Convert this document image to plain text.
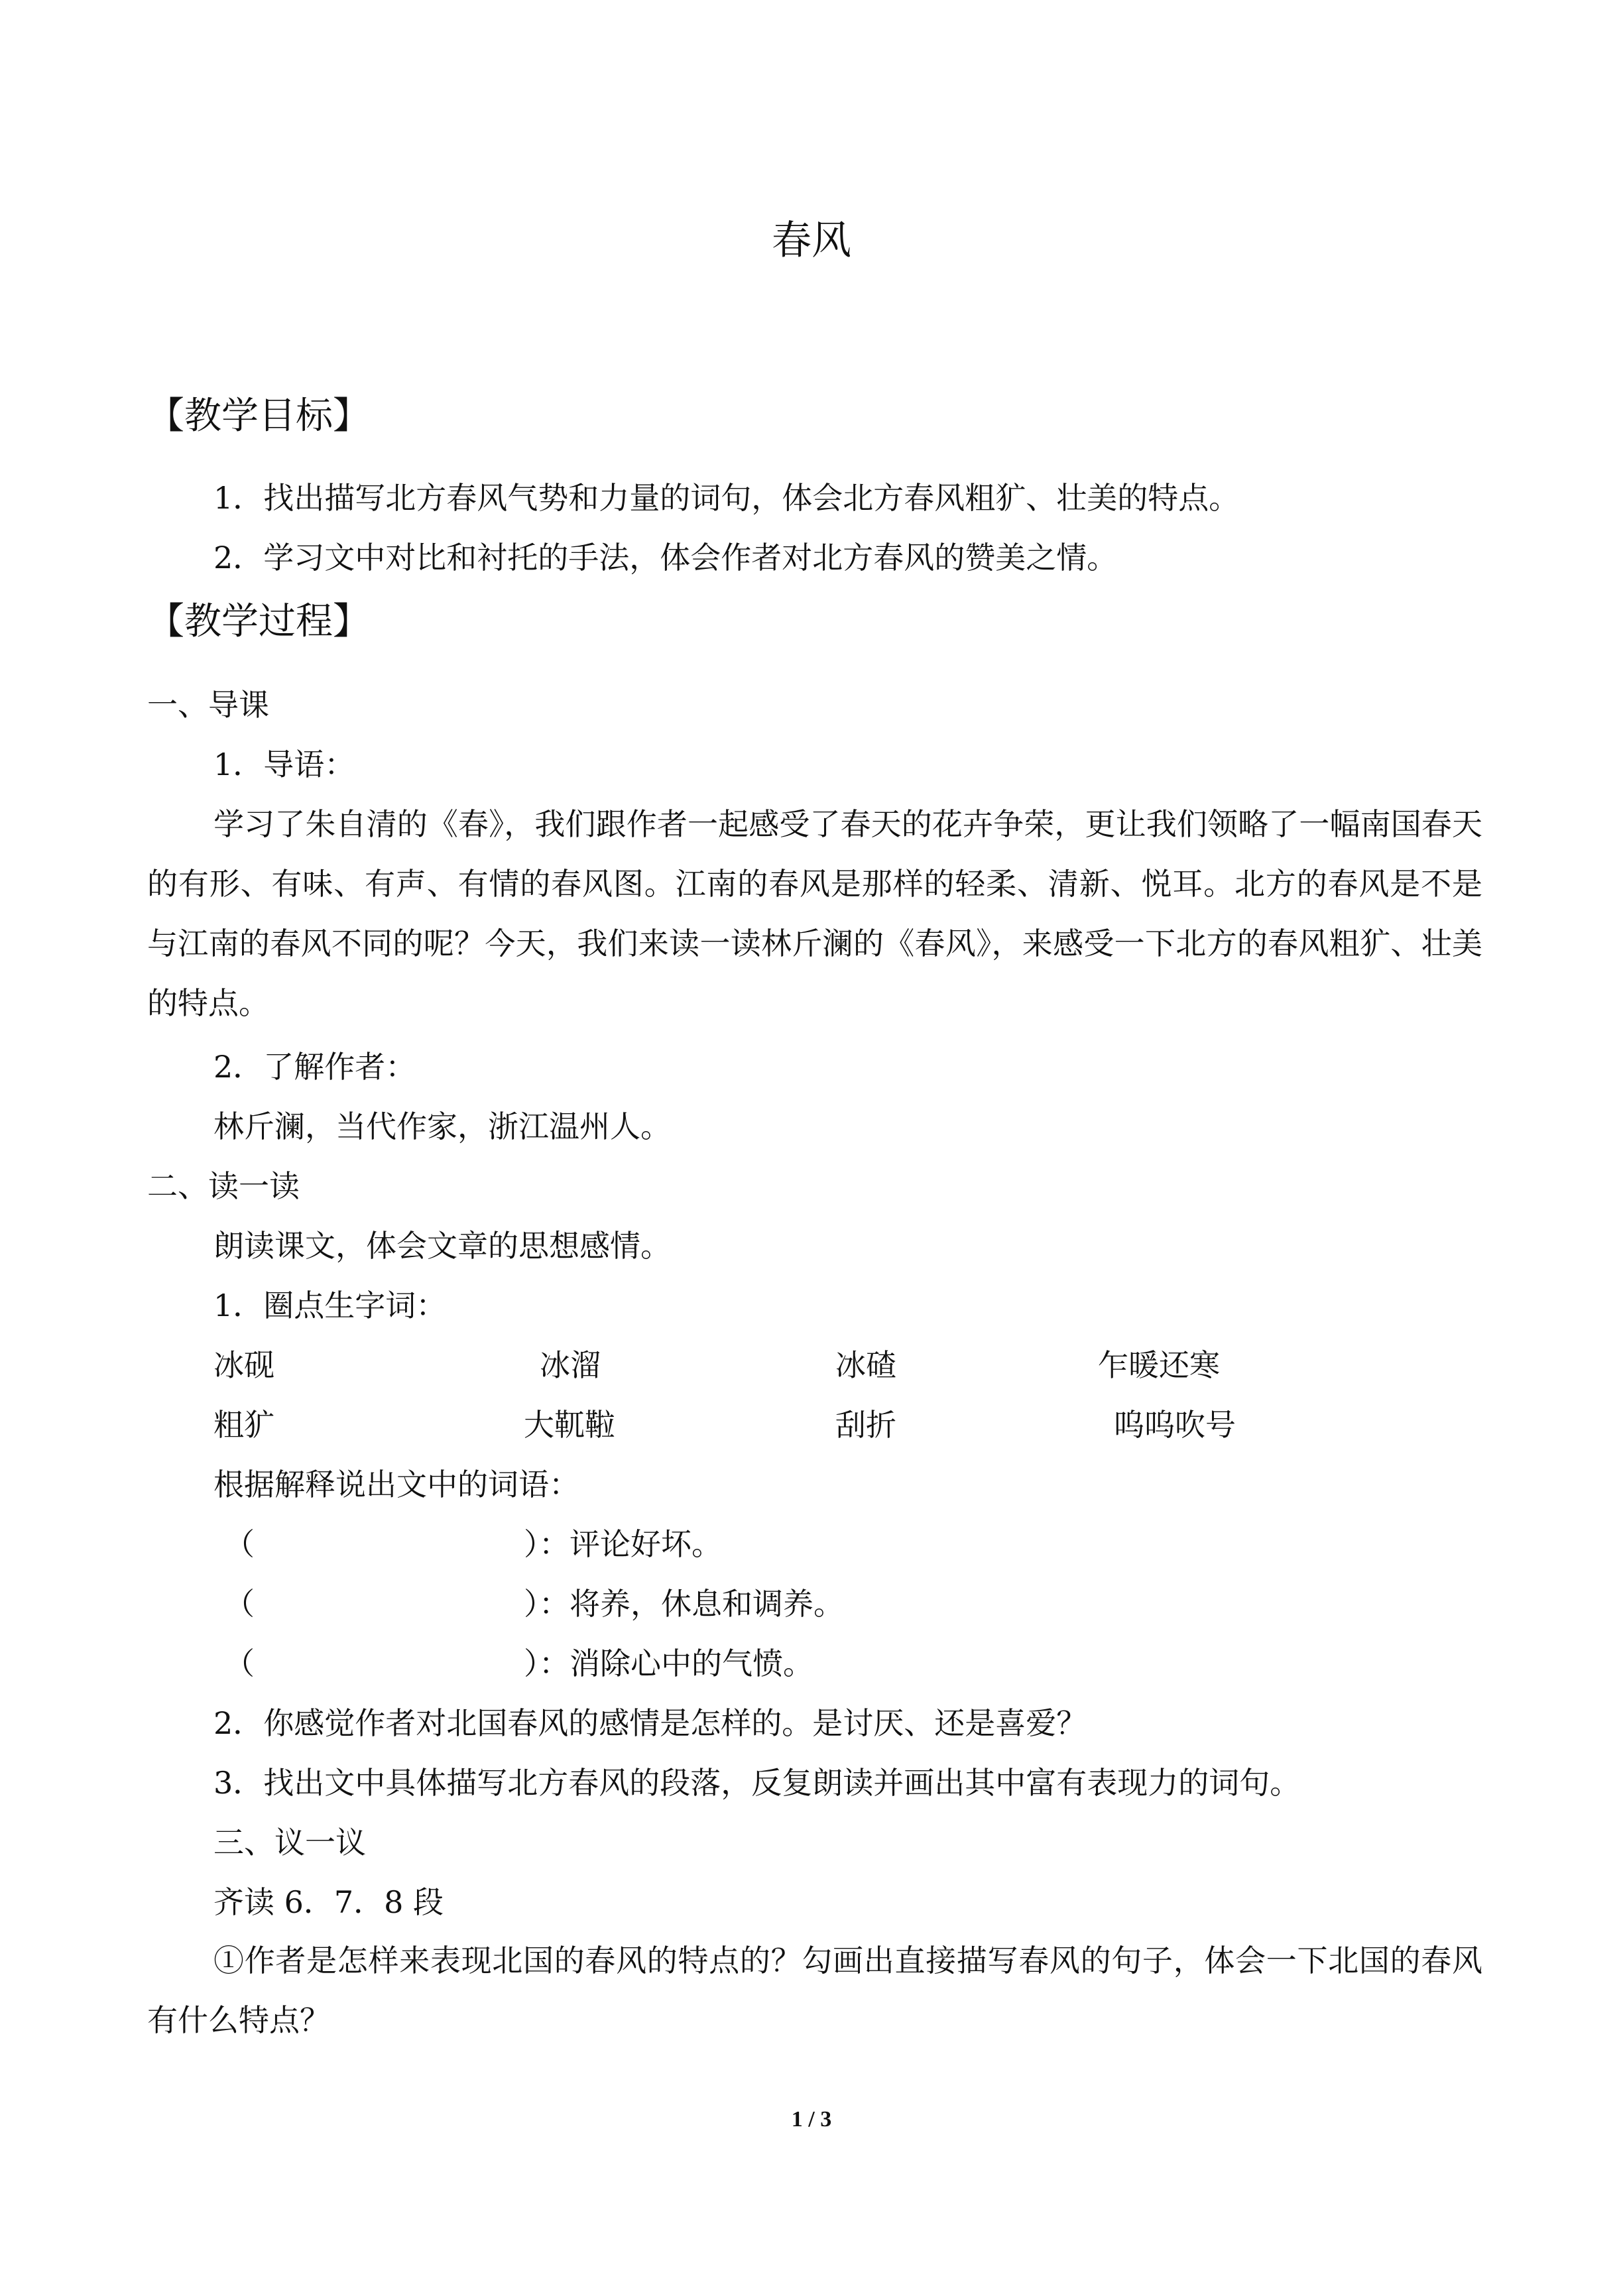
春风
【教学目标】
1．找出描写北方春风气势和力量的词句，体会北方春风粗犷、壮美的特点。
2．学习文中对比和衬托的手法，体会作者对北方春风的赞美之情。
【教学过程】
一、导课
1．导语：
学习了朱自清的《春》，我们跟作者一起感受了春天的花卉争荣，更让我们领略了一幅南国春天的有形、有味、有声、有情的春风图。江南的春风是那样的轻柔、清新、悦耳。北方的春风是不是与江南的春风不同的呢？今天，我们来读一读林斤澜的《春风》，来感受一下北方的春风粗犷、壮美的特点。
2．了解作者：
林斤澜，当代作家，浙江温州人。
二、读一读
朗读课文，体会文章的思想感情。
1．圈点生字词：
冰砚	冰溜	冰碴	乍暖还寒
粗犷	大靰鞡	刮折	呜呜吹号
根据解释说出文中的词语：
（	）：评论好坏。
（	）：将养，休息和调养。
（	）：消除心中的气愤。
2．你感觉作者对北国春风的感情是怎样的。是讨厌、还是喜爱？
3．找出文中具体描写北方春风的段落，反复朗读并画出其中富有表现力的词句。
三、议一议
齐读 6．7．8 段
①作者是怎样来表现北国的春风的特点的？勾画出直接描写春风的句子，体会一下北国的春风有什么特点？
1 / 3
